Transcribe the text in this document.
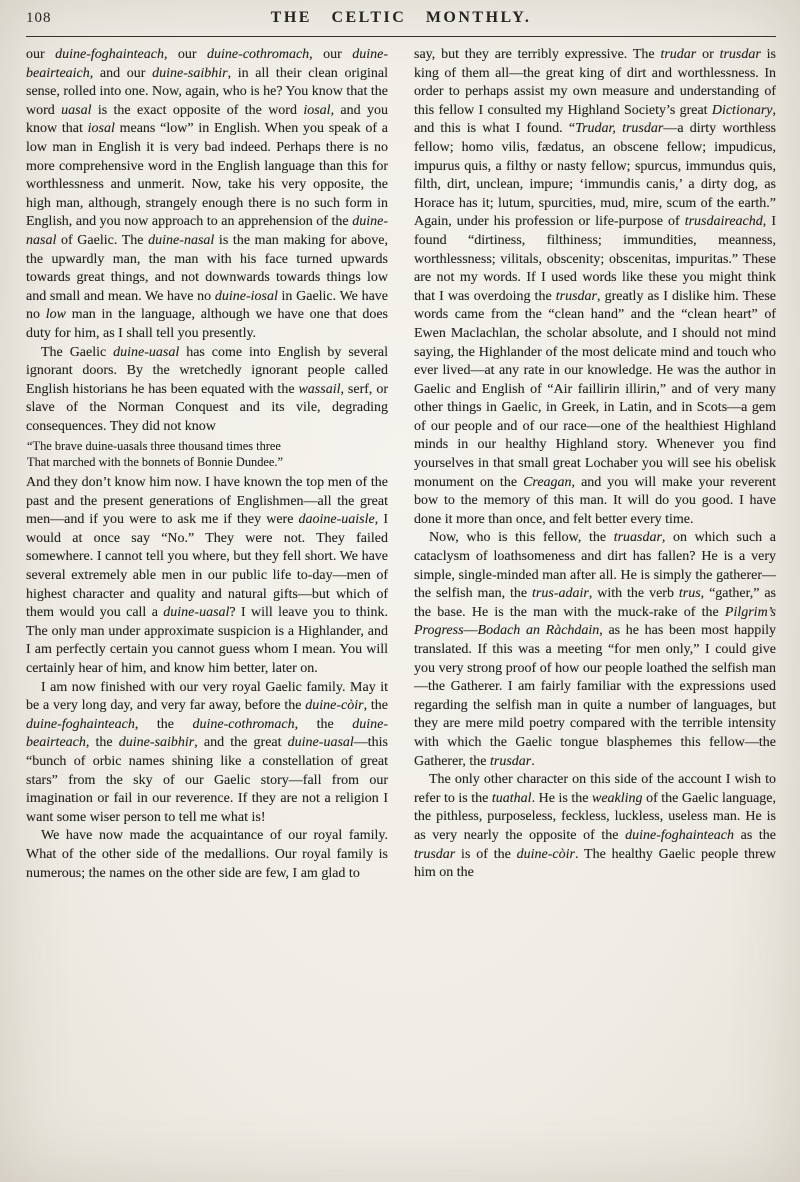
108	THE CELTIC MONTHLY.

our duine-foghainteach, our duine-cothromach, our duine-beairteaich, and our duine-saibhir, in all their clean original sense, rolled into one. Now, again, who is he? You know that the word uasal is the exact opposite of the word iosal, and you know that iosal means “low” in English. When you speak of a low man in English it is very bad indeed. Perhaps there is no more comprehensive word in the English language than this for worthlessness and unmerit. Now, take his very opposite, the high man, although, strangely enough there is no such form in English, and you now approach to an apprehension of the duine-nasal of Gaelic. The duine-nasal is the man making for above, the upwardly man, the man with his face turned upwards towards great things, and not downwards towards things low and small and mean. We have no duine-iosal in Gaelic. We have no low man in the language, although we have one that does duty for him, as I shall tell you presently.

The Gaelic duine-uasal has come into English by several ignorant doors. By the wretchedly ignorant people called English historians he has been equated with the wassail, serf, or slave of the Norman Conquest and its vile, degrading consequences. They did not know

“The brave duine-uasals three thousand times three
That marched with the bonnets of Bonnie Dundee.”

And they don’t know him now. I have known the top men of the past and the present generations of Englishmen—all the great men—and if you were to ask me if they were daoine-uaisle, I would at once say “No.” They were not. They failed somewhere. I cannot tell you where, but they fell short. We have several extremely able men in our public life to-day—men of highest character and quality and natural gifts—but which of them would you call a duine-uasal? I will leave you to think. The only man under approximate suspicion is a Highlander, and I am perfectly certain you cannot guess whom I mean. You will certainly hear of him, and know him better, later on.

I am now finished with our very royal Gaelic family. May it be a very long day, and very far away, before the duine-còir, the duine-foghainteach, the duine-cothromach, the duine-beairteach, the duine-saibhir, and the great duine-uasal—this “bunch of orbic names shining like a constellation of great stars” from the sky of our Gaelic story—fall from our imagination or fail in our reverence. If they are not a religion I want some wiser person to tell me what is!

We have now made the acquaintance of our royal family. What of the other side of the medallions. Our royal family is numerous; the names on the other side are few, I am glad to

say, but they are terribly expressive. The trudar or trusdar is king of them all—the great king of dirt and worthlessness. In order to perhaps assist my own measure and understanding of this fellow I consulted my Highland Society’s great Dictionary, and this is what I found. “Trudar, trusdar—a dirty worthless fellow; homo vilis, fædatus, an obscene fellow; impudicus, impurus quis, a filthy or nasty fellow; spurcus, immundus quis, filth, dirt, unclean, impure; ‘immundis canis,’ a dirty dog, as Horace has it; lutum, spurcities, mud, mire, scum of the earth.” Again, under his profession or life-purpose of trusdaireachd, I found “dirtiness, filthiness; immundities, meanness, worthlessness; vilitals, obscenity; obscenitas, impuritas.” These are not my words. If I used words like these you might think that I was overdoing the trusdar, greatly as I dislike him. These words came from the “clean hand” and the “clean heart” of Ewen Maclachlan, the scholar absolute, and I should not mind saying, the Highlander of the most delicate mind and touch who ever lived—at any rate in our knowledge. He was the author in Gaelic and English of “Air faillirin illirin,” and of very many other things in Gaelic, in Greek, in Latin, and in Scots—a gem of our people and of our race—one of the healthiest Highland minds in our healthy Highland story. Whenever you find yourselves in that small great Lochaber you will see his obelisk monument on the Creagan, and you will make your reverent bow to the memory of this man. It will do you good. I have done it more than once, and felt better every time.

Now, who is this fellow, the truasdar, on which such a cataclysm of loathsomeness and dirt has fallen? He is a very simple, single-minded man after all. He is simply the gatherer—the selfish man, the trus-adair, with the verb trus, “gather,” as the base. He is the man with the muck-rake of the Pilgrim’s Progress—Bodach an Ràchdain, as he has been most happily translated. If this was a meeting “for men only,” I could give you very strong proof of how our people loathed the selfish man—the Gatherer. I am fairly familiar with the expressions used regarding the selfish man in quite a number of languages, but they are mere mild poetry compared with the terrible intensity with which the Gaelic tongue blasphemes this fellow—the Gatherer, the trusdar.

The only other character on this side of the account I wish to refer to is the tuathal. He is the weakling of the Gaelic language, the pithless, purposeless, feckless, luckless, useless man. He is as very nearly the opposite of the duine-foghainteach as the trusdar is of the duine-còir. The healthy Gaelic people threw him on the
